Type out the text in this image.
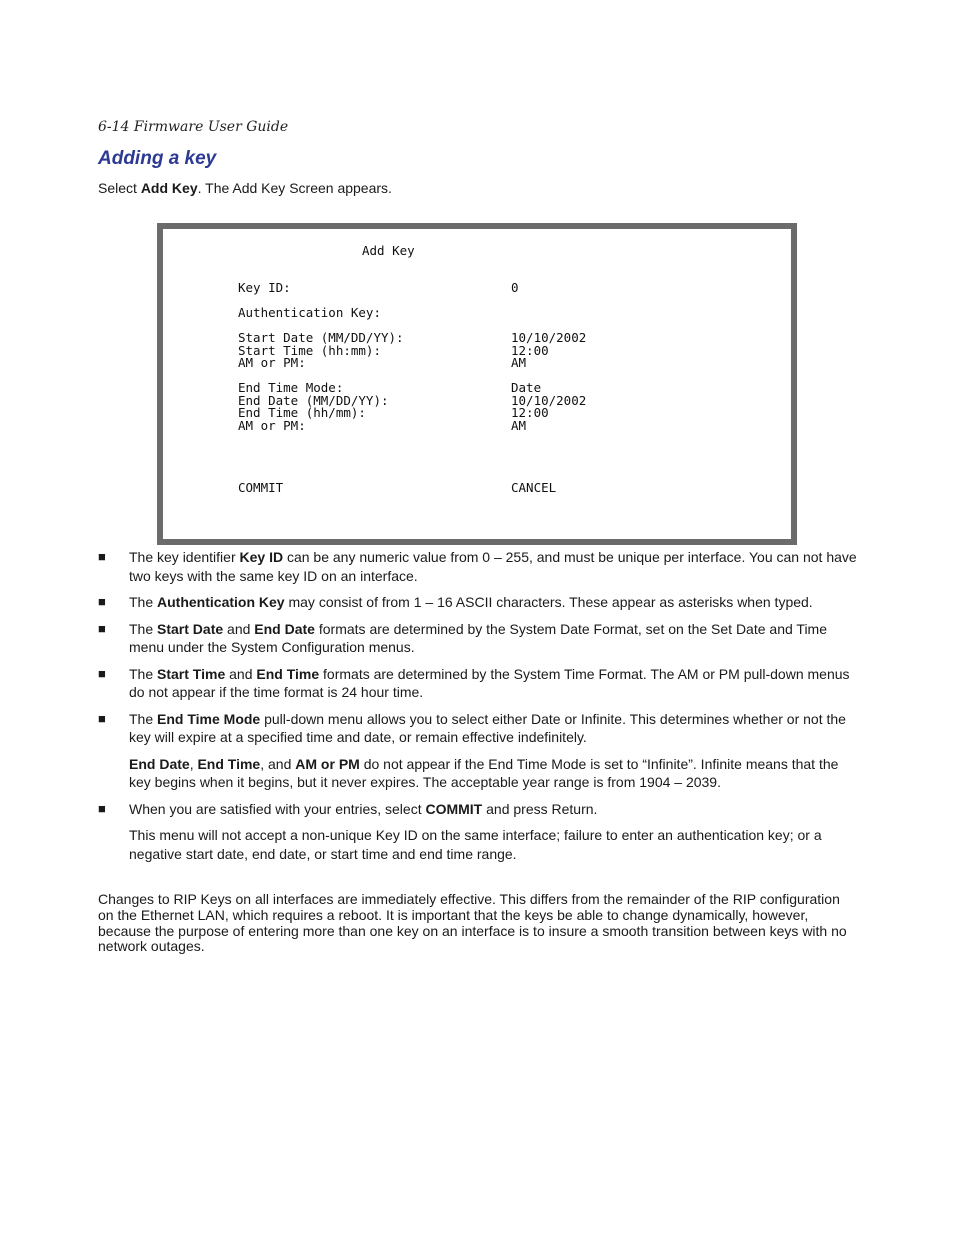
6-14 Firmware User Guide
Adding a key
Select Add Key. The Add Key Screen appears.
Add Key
Key ID:	0
Authentication Key:
Start Date (MM/DD/YY):	10/10/2002
Start Time (hh:mm):	12:00
AM or PM:	AM
End Time Mode:	Date
End Date (MM/DD/YY):	10/10/2002
End Time (hh/mm):	12:00
AM or PM:	AM
COMMIT	CANCEL
■ The key identifier Key ID can be any numeric value from 0 – 255, and must be unique per interface. You can not have two keys with the same key ID on an interface.
■ The Authentication Key may consist of from 1 – 16 ASCII characters. These appear as asterisks when typed.
■ The Start Date and End Date formats are determined by the System Date Format, set on the Set Date and Time menu under the System Configuration menus.
■ The Start Time and End Time formats are determined by the System Time Format. The AM or PM pull-down menus do not appear if the time format is 24 hour time.
■ The End Time Mode pull-down menu allows you to select either Date or Infinite. This determines whether or not the key will expire at a specified time and date, or remain effective indefinitely.
End Date, End Time, and AM or PM do not appear if the End Time Mode is set to “Infinite”. Infinite means that the key begins when it begins, but it never expires. The acceptable year range is from 1904 – 2039.
■ When you are satisfied with your entries, select COMMIT and press Return.
This menu will not accept a non-unique Key ID on the same interface; failure to enter an authentication key; or a negative start date, end date, or start time and end time range.
Changes to RIP Keys on all interfaces are immediately effective. This differs from the remainder of the RIP configuration on the Ethernet LAN, which requires a reboot. It is important that the keys be able to change dynamically, however, because the purpose of entering more than one key on an interface is to insure a smooth transition between keys with no network outages.
